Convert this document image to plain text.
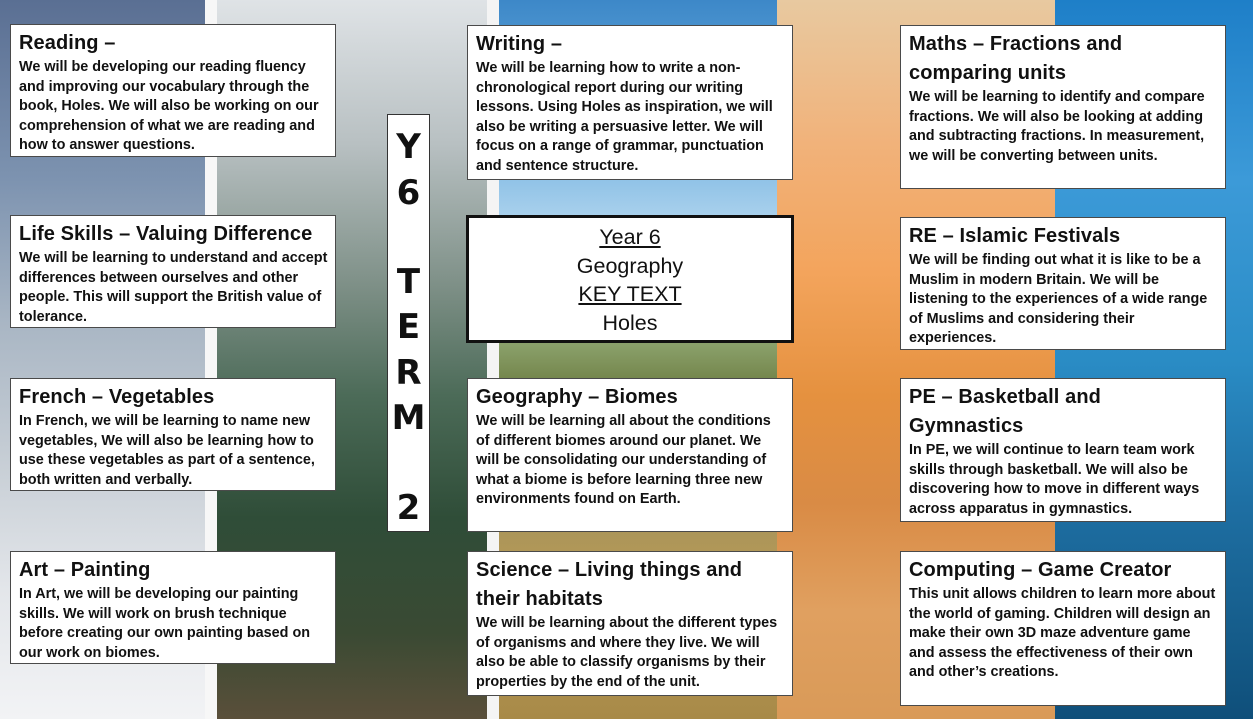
Reading –

We will be developing our reading fluency and improving our vocabulary through the book, Holes. We will also be working on our comprehension of what we are reading and how to answer questions.

Life Skills – Valuing Difference

We will be learning to understand and accept differences between ourselves and other people. This will support the British value of tolerance.

French – Vegetables

In French, we will be learning to name new vegetables, We will also be learning how to use these vegetables as part of a sentence, both written and verbally.

Art – Painting

In Art, we will be developing our painting skills. We will work on brush technique before creating our own painting based on our work on biomes.

Y
6
T
E
R
M
2
Writing –

We will be learning how to write a non-chronological report during our writing lessons. Using Holes as inspiration, we will also be writing a persuasive letter. We will focus on a range of grammar, punctuation and sentence structure.

Year 6
Geography
KEY TEXT
Holes
Geography – Biomes

We will be learning all about the conditions of different biomes around our planet. We will be consolidating our understanding of what a biome is before learning three new environments found on Earth.

Science – Living things and their habitats

We will be learning about the different types of organisms and where they live. We will also be able to classify organisms by their properties by the end of the unit.

Maths – Fractions and comparing units

We will be learning to identify and compare fractions. We will also be looking at adding and subtracting fractions. In measurement, we will be converting between units.

RE – Islamic Festivals

We will be finding out what it is like to be a Muslim in modern Britain. We will be listening to the experiences of a wide range of Muslims and considering their experiences.

PE – Basketball and Gymnastics

In PE, we will continue to learn team work skills through basketball. We will also be discovering how to move in different ways across apparatus in gymnastics.

Computing – Game Creator

This unit allows children to learn more about the world of gaming. Children will design an make their own 3D maze adventure game and assess the effectiveness of their own and other’s creations.
